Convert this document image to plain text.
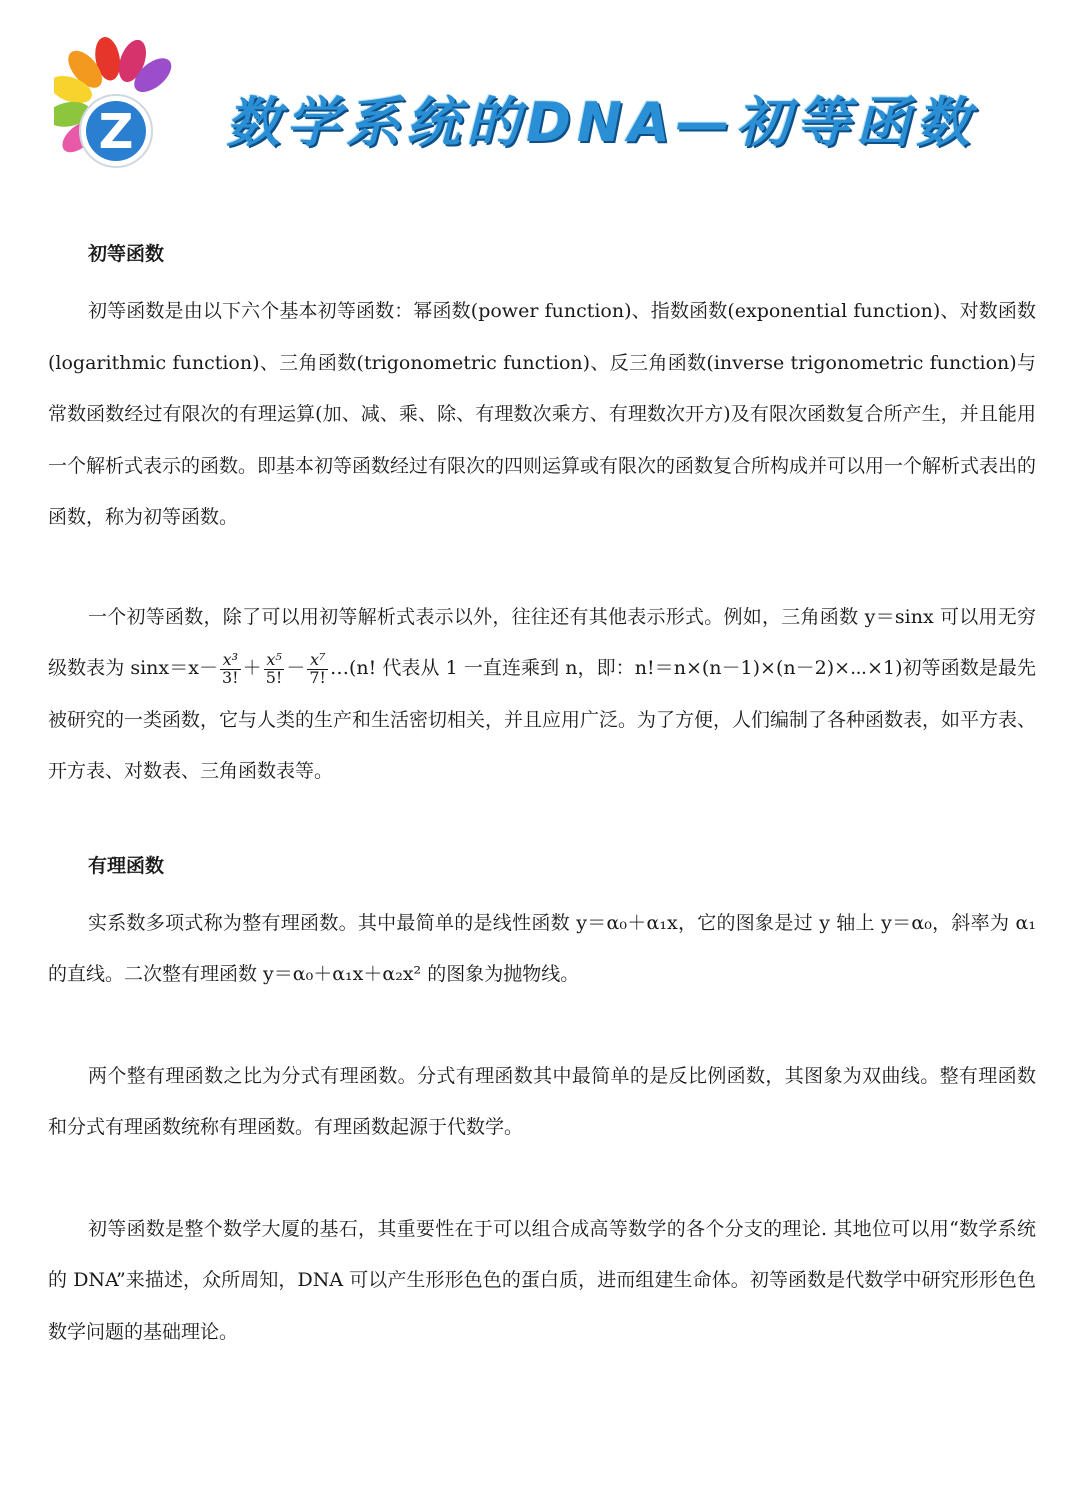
Z 数学系统的DNA—初等函数
初等函数

初等函数是由以下六个基本初等函数：幂函数(power function)、指数函数(exponential function)、对数函数(logarithmic function)、三角函数(trigonometric function)、反三角函数(inverse trigonometric function)与常数函数经过有限次的有理运算(加、减、乘、除、有理数次乘方、有理数次开方)及有限次函数复合所产生，并且能用一个解析式表示的函数。即基本初等函数经过有限次的四则运算或有限次的函数复合所构成并可以用一个解析式表出的函数，称为初等函数。

一个初等函数，除了可以用初等解析式表示以外，往往还有其他表示形式。例如，三角函数 y＝sinx 可以用无穷级数表为 $\sin x=x- \frac{\text{x³}}{3!} + \frac{\text{x⁵}}{5!} - \frac{\text{x⁷}}{7!}$ …(n! 代表从 1 一直连乘到 n，即：n!＝n×(n－1)×(n－2)×⋯×1)初等函数是最先被研究的一类函数，它与人类的生产和生活密切相关，并且应用广泛。为了方便，人们编制了各种函数表，如平方表、开方表、对数表、三角函数表等。

有理函数

实系数多项式称为整有理函数。其中最简单的是线性函数 y＝α₀＋α₁x，它的图象是过 y 轴上 y＝α₀，斜率为 α₁ 的直线。二次整有理函数 y＝α₀＋α₁x＋α₂x² 的图象为抛物线。

两个整有理函数之比为分式有理函数。分式有理函数其中最简单的是反比例函数，其图象为双曲线。整有理函数和分式有理函数统称有理函数。有理函数起源于代数学。

初等函数是整个数学大厦的基石，其重要性在于可以组合成高等数学的各个分支的理论. 其地位可以用“数学系统的 DNA”来描述，众所周知，DNA 可以产生形形色色的蛋白质，进而组建生命体。初等函数是代数学中研究形形色色数学问题的基础理论。
